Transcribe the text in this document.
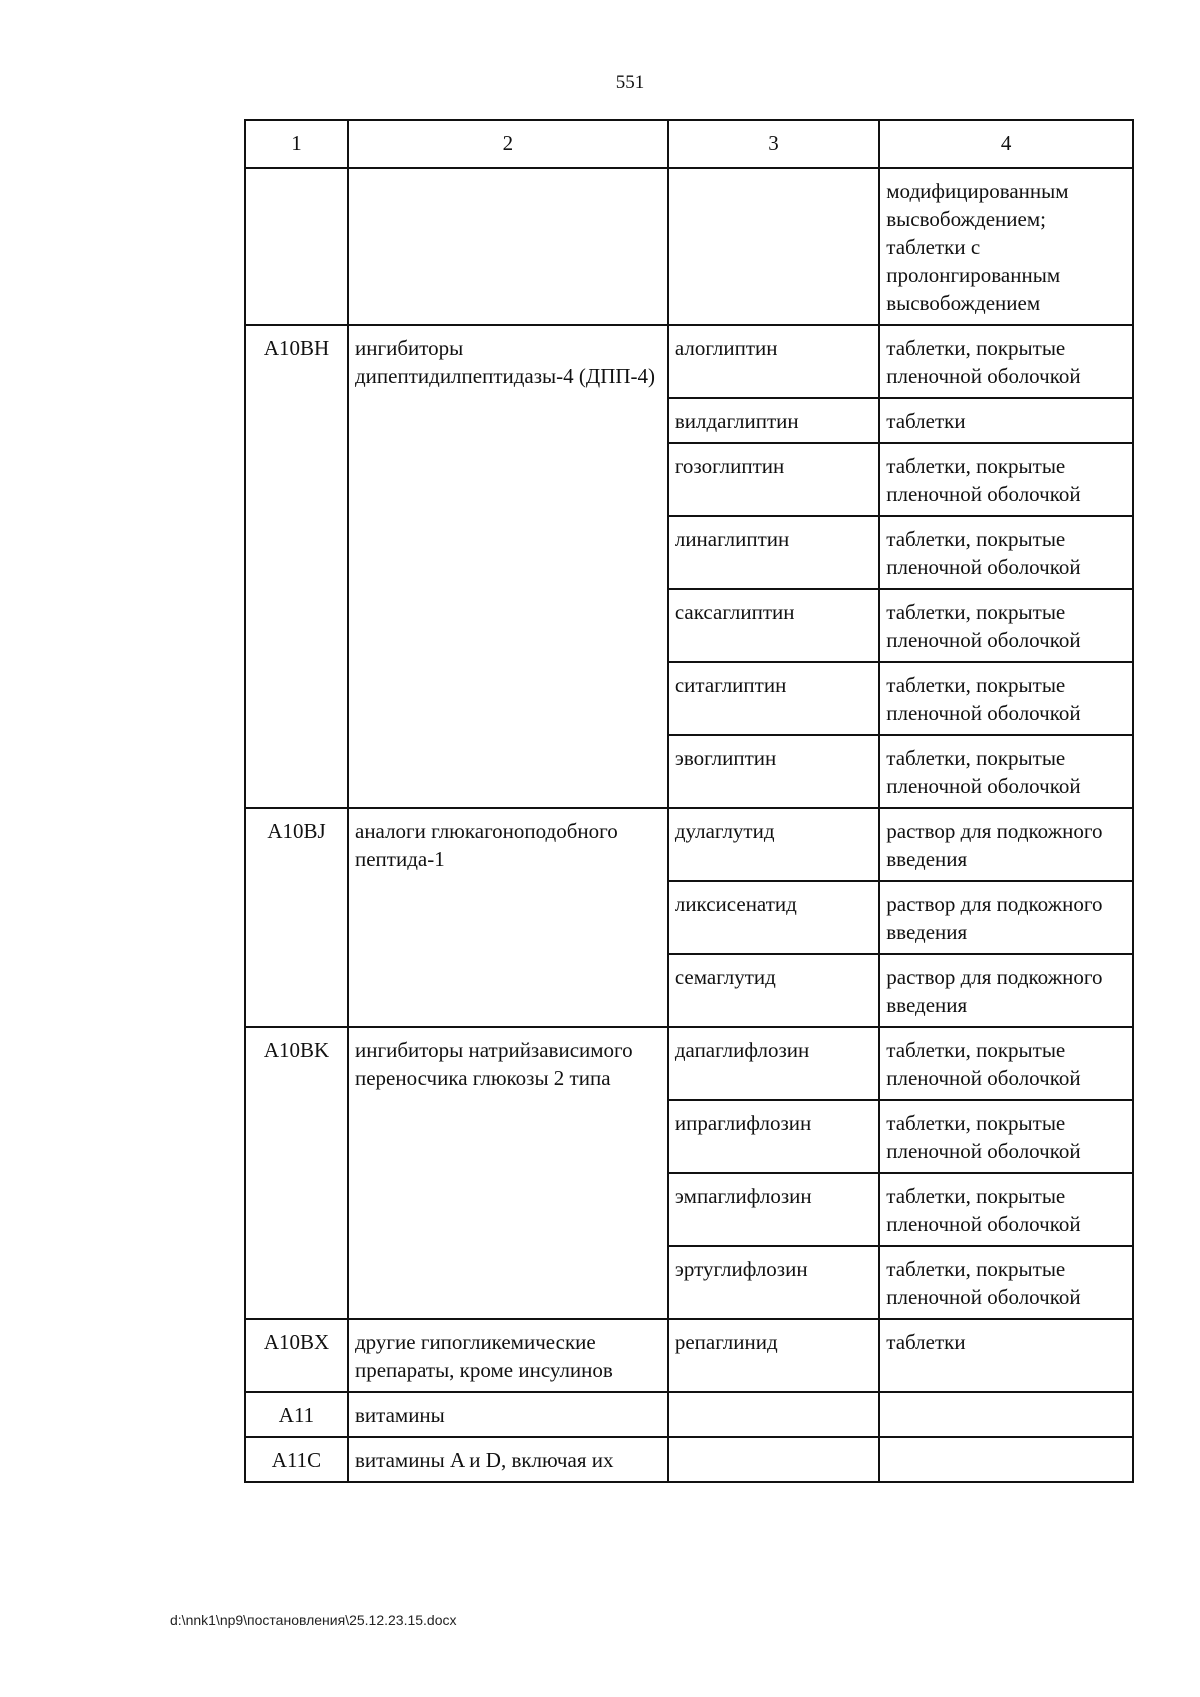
551
1	2	3	4
			модифицированным высвобождением; таблетки с пролонгированным высвобождением
A10BH	ингибиторы дипептидилпептидазы-4 (ДПП-4)	алоглиптин	таблетки, покрытые пленочной оболочкой
		вилдаглиптин	таблетки
		гозоглиптин	таблетки, покрытые пленочной оболочкой
		линаглиптин	таблетки, покрытые пленочной оболочкой
		саксаглиптин	таблетки, покрытые пленочной оболочкой
		ситаглиптин	таблетки, покрытые пленочной оболочкой
		эвоглиптин	таблетки, покрытые пленочной оболочкой
A10BJ	аналоги глюкагоноподобного пептида-1	дулаглутид	раствор для подкожного введения
		ликсисенатид	раствор для подкожного введения
		семаглутид	раствор для подкожного введения
A10BK	ингибиторы натрийзависимого переносчика глюкозы 2 типа	дапаглифлозин	таблетки, покрытые пленочной оболочкой
		ипраглифлозин	таблетки, покрытые пленочной оболочкой
		эмпаглифлозин	таблетки, покрытые пленочной оболочкой
		эртуглифлозин	таблетки, покрытые пленочной оболочкой
A10BX	другие гипогликемические препараты, кроме инсулинов	репаглинид	таблетки
A11	витамины		
A11C	витамины A и D, включая их		
d:\nnk1\np9\постановления\25.12.23.15.docx
